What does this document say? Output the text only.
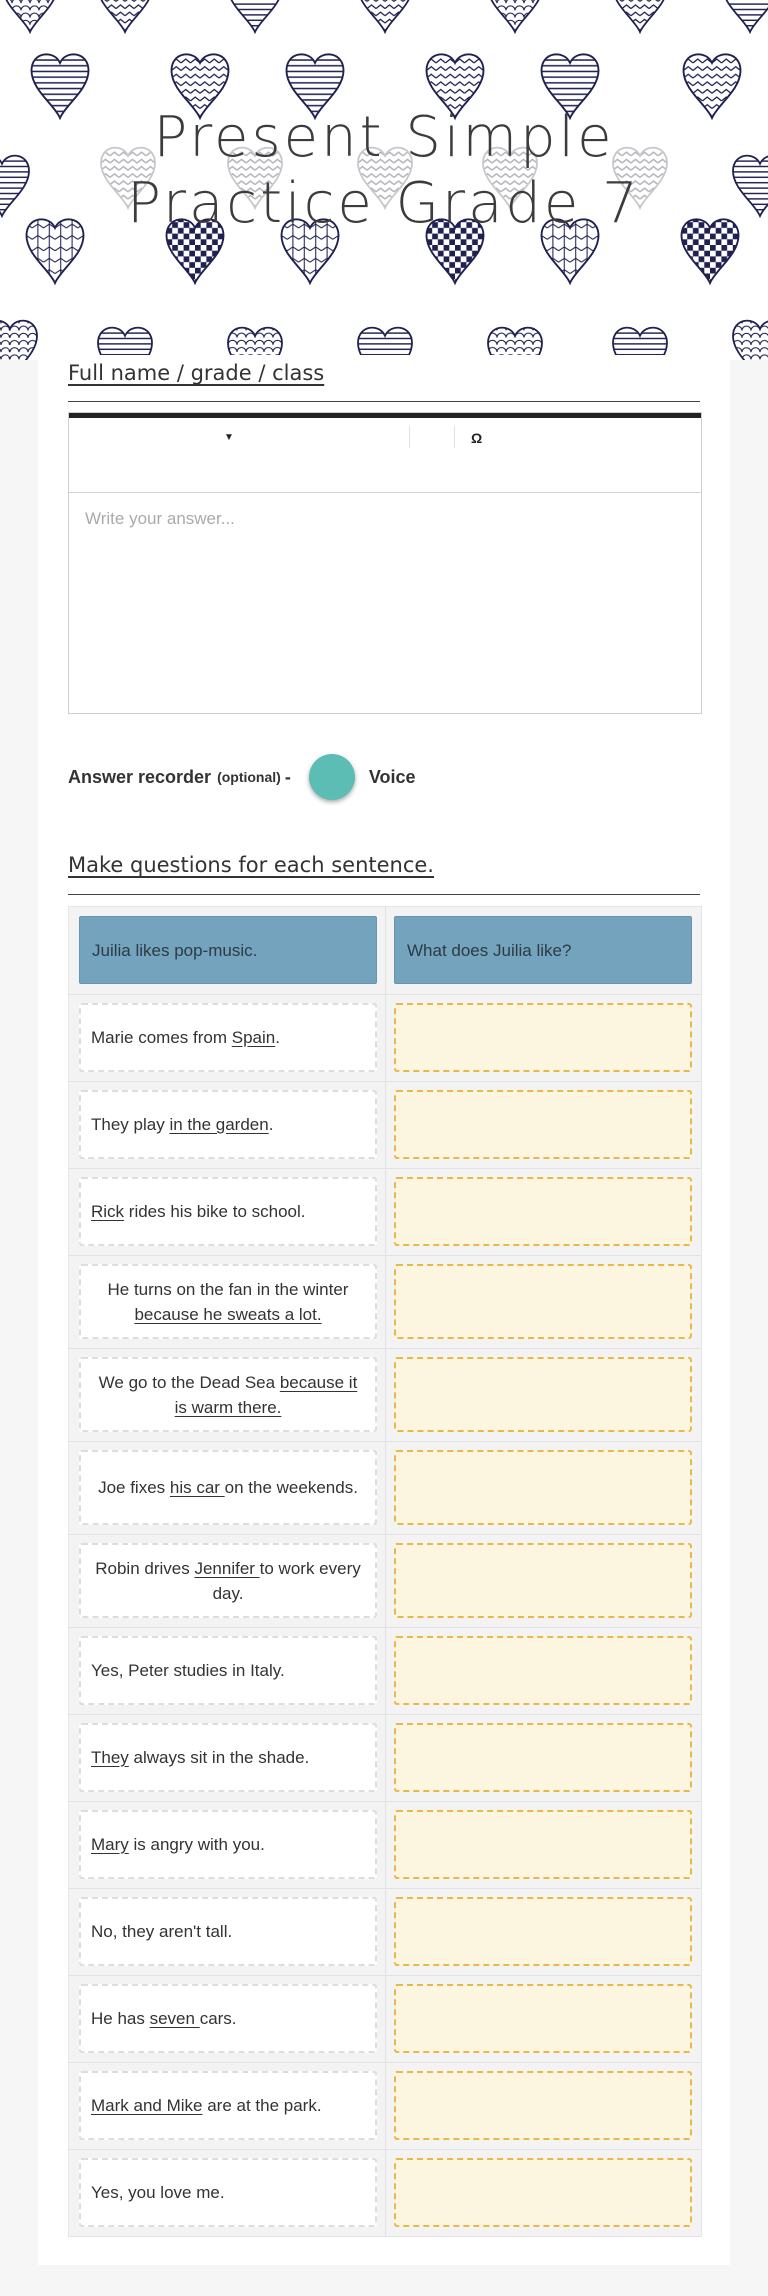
Present Simple
Practice Grade 7
Full name / grade / class
▼	Ω
Write your answer...
Answer recorder (optional) -	Voice
Make questions for each sentence.
Juilia likes pop-music.	What does Juilia like?
Marie comes from Spain.
They play in the garden.
Rick rides his bike to school.
He turns on the fan in the winter because he sweats a lot.
We go to the Dead Sea because it is warm there.
Joe fixes his car on the weekends.
Robin drives Jennifer to work every day.
Yes, Peter studies in Italy.
They always sit in the shade.
Mary is angry with you.
No, they aren't tall.
He has seven cars.
Mark and Mike are at the park.
Yes, you love me.
